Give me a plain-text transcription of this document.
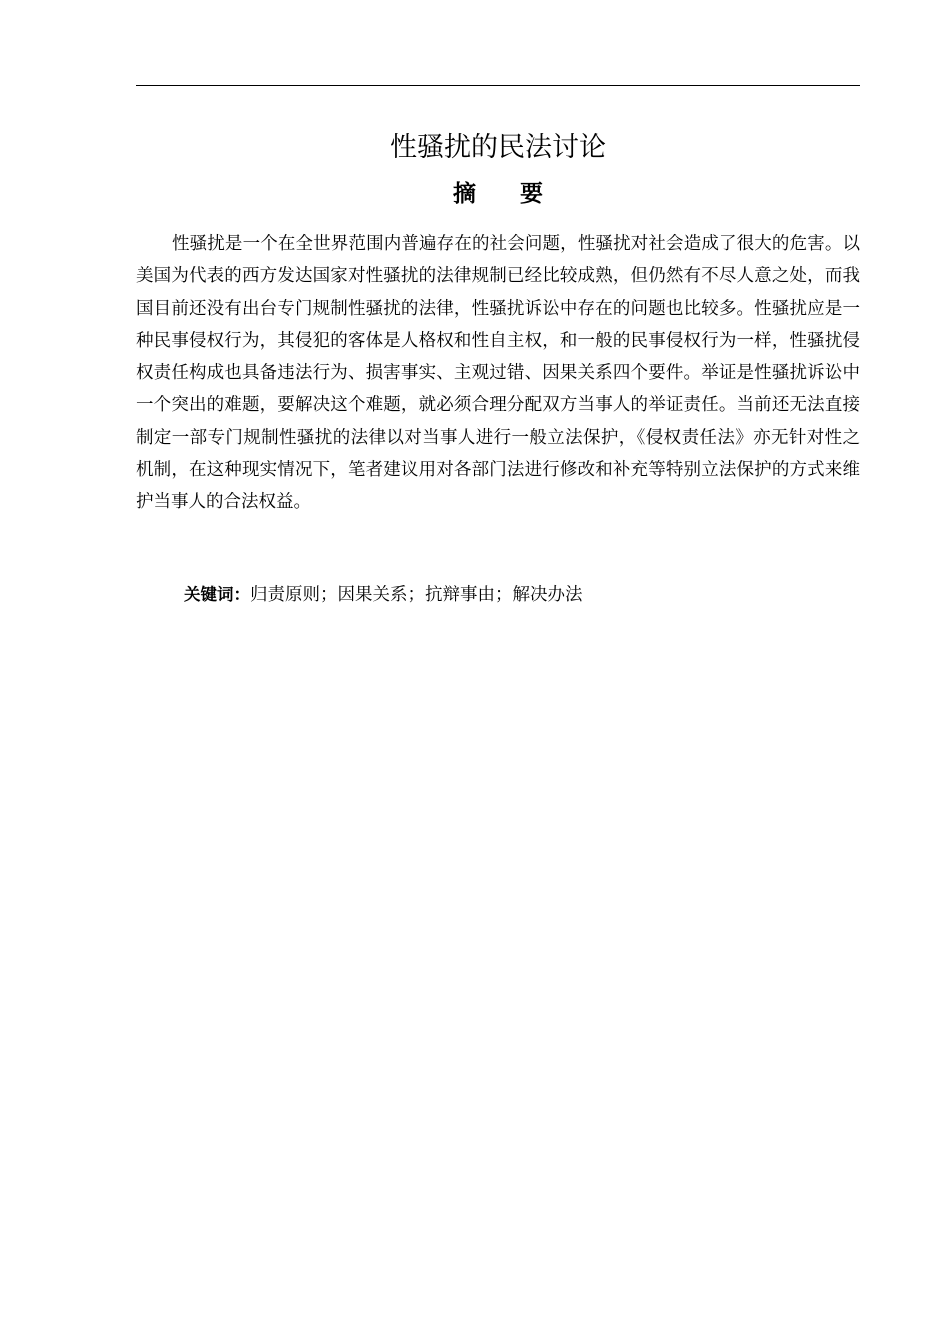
性骚扰的民法讨论
摘要

性骚扰是一个在全世界范围内普遍存在的社会问题，性骚扰对社会造成了很大的危害。以美国为代表的西方发达国家对性骚扰的法律规制已经比较成熟，但仍然有不尽人意之处，而我国目前还没有出台专门规制性骚扰的法律，性骚扰诉讼中存在的问题也比较多。性骚扰应是一种民事侵权行为，其侵犯的客体是人格权和性自主权，和一般的民事侵权行为一样，性骚扰侵权责任构成也具备违法行为、损害事实、主观过错、因果关系四个要件。举证是性骚扰诉讼中一个突出的难题，要解决这个难题，就必须合理分配双方当事人的举证责任。当前还无法直接制定一部专门规制性骚扰的法律以对当事人进行一般立法保护，《侵权责任法》亦无针对性之机制，在这种现实情况下，笔者建议用对各部门法进行修改和补充等特别立法保护的方式来维护当事人的合法权益。

关键词：归责原则；因果关系；抗辩事由；解决办法
